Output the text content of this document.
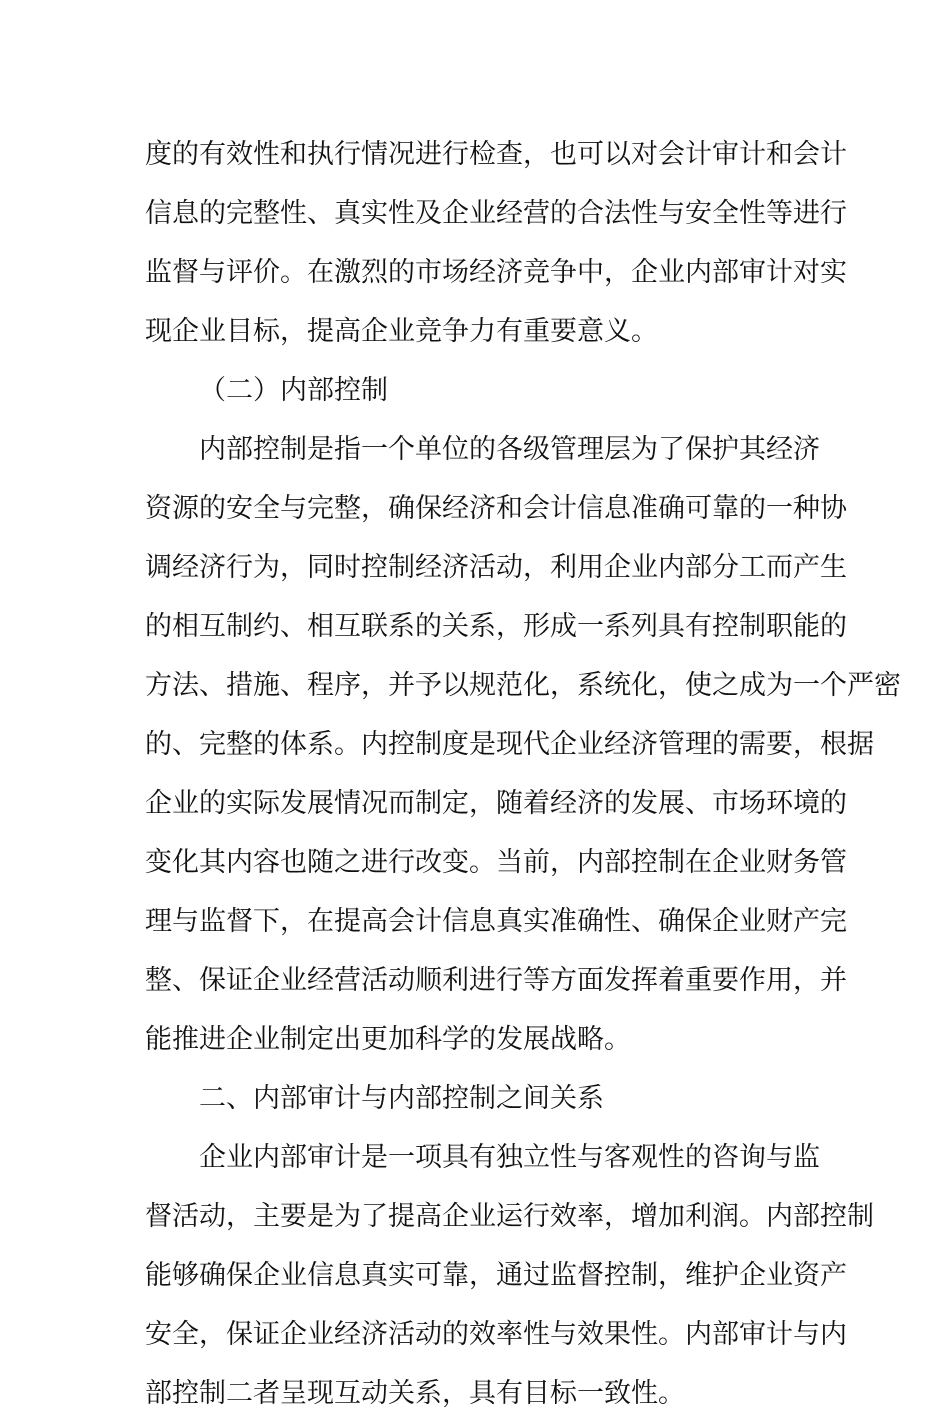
度的有效性和执行情况进行检查，也可以对会计审计和会计
信息的完整性、真实性及企业经营的合法性与安全性等进行
监督与评价。在激烈的市场经济竞争中，企业内部审计对实
现企业目标，提高企业竞争力有重要意义。
（二）内部控制
内部控制是指一个单位的各级管理层为了保护其经济
资源的安全与完整，确保经济和会计信息准确可靠的一种协
调经济行为，同时控制经济活动，利用企业内部分工而产生
的相互制约、相互联系的关系，形成一系列具有控制职能的
方法、措施、程序，并予以规范化，系统化，使之成为一个严密
的、完整的体系。内控制度是现代企业经济管理的需要，根据
企业的实际发展情况而制定，随着经济的发展、市场环境的
变化其内容也随之进行改变。当前，内部控制在企业财务管
理与监督下，在提高会计信息真实准确性、确保企业财产完
整、保证企业经营活动顺利进行等方面发挥着重要作用，并
能推进企业制定出更加科学的发展战略。
二、内部审计与内部控制之间关系
企业内部审计是一项具有独立性与客观性的咨询与监
督活动，主要是为了提高企业运行效率，增加利润。内部控制
能够确保企业信息真实可靠，通过监督控制，维护企业资产
安全，保证企业经济活动的效率性与效果性。内部审计与内
部控制二者呈现互动关系，具有目标一致性。
